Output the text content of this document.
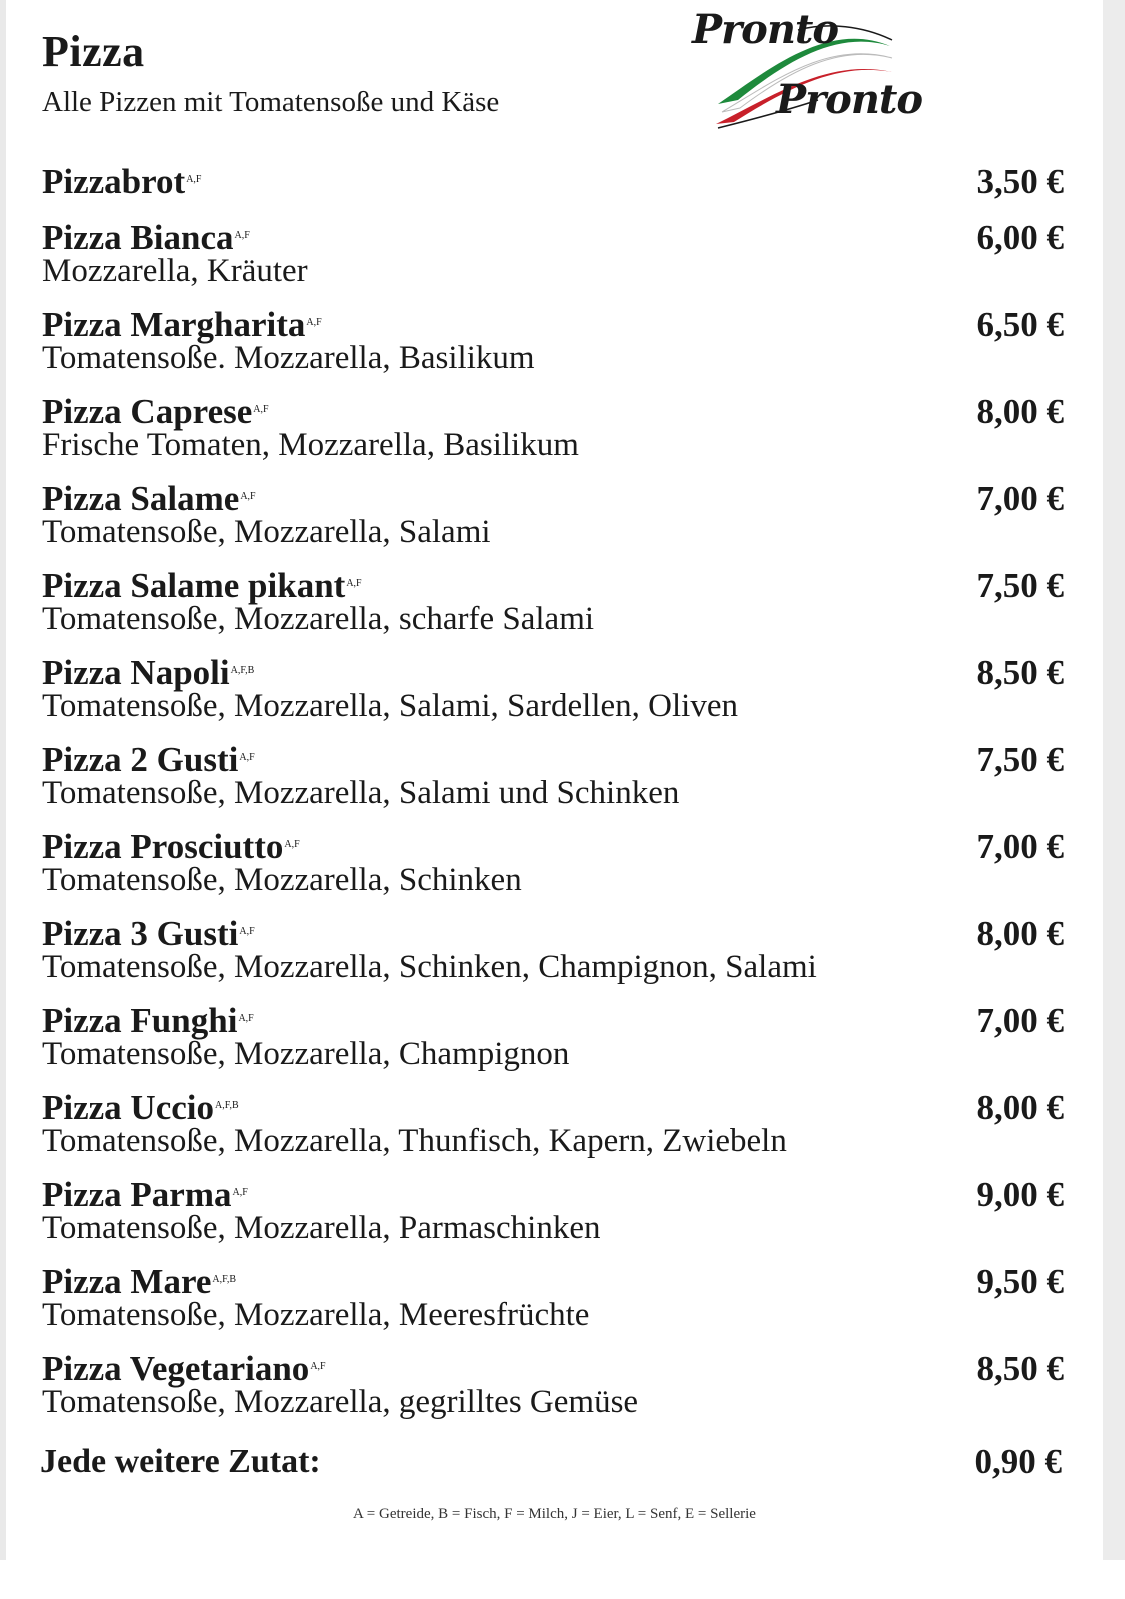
Pizza
Alle Pizzen mit Tomatensoße und Käse
Pronto
Pronto
Pizzabrot$^{A,F}$	3,50 €
Pizza Bianca$^{A,F}$
Mozzarella, Kräuter
6,00 €
Pizza Margharita$^{A,F}$
Tomatensoße. Mozzarella, Basilikum
6,50 €
Pizza Caprese$^{A,F}$
Frische Tomaten, Mozzarella, Basilikum
8,00 €
Pizza Salame$^{A,F}$
Tomatensoße, Mozzarella, Salami
7,00 €
Pizza Salame pikant$^{A,F}$
Tomatensoße, Mozzarella, scharfe Salami
7,50 €
Pizza Napoli$^{A,F,B}$
Tomatensoße, Mozzarella, Salami, Sardellen, Oliven
8,50 €
Pizza 2 Gusti$^{A,F}$
Tomatensoße, Mozzarella, Salami und Schinken
7,50 €
Pizza Prosciutto$^{A,F}$
Tomatensoße, Mozzarella, Schinken
7,00 €
Pizza 3 Gusti$^{A,F}$
Tomatensoße, Mozzarella, Schinken, Champignon, Salami
8,00 €
Pizza Funghi$^{A,F}$
Tomatensoße, Mozzarella, Champignon
7,00 €
Pizza Uccio$^{A,F,B}$
Tomatensoße, Mozzarella, Thunfisch, Kapern, Zwiebeln
8,00 €
Pizza Parma$^{A,F}$
Tomatensoße, Mozzarella, Parmaschinken
9,00 €
Pizza Mare$^{A,F,B}$
Tomatensoße, Mozzarella, Meeresfrüchte
9,50 €
Pizza Vegetariano$^{A,F}$
Tomatensoße, Mozzarella, gegrilltes Gemüse
8,50 €
Jede weitere Zutat:	0,90 €
A = Getreide, B = Fisch, F = Milch, J = Eier, L = Senf, E = Sellerie
